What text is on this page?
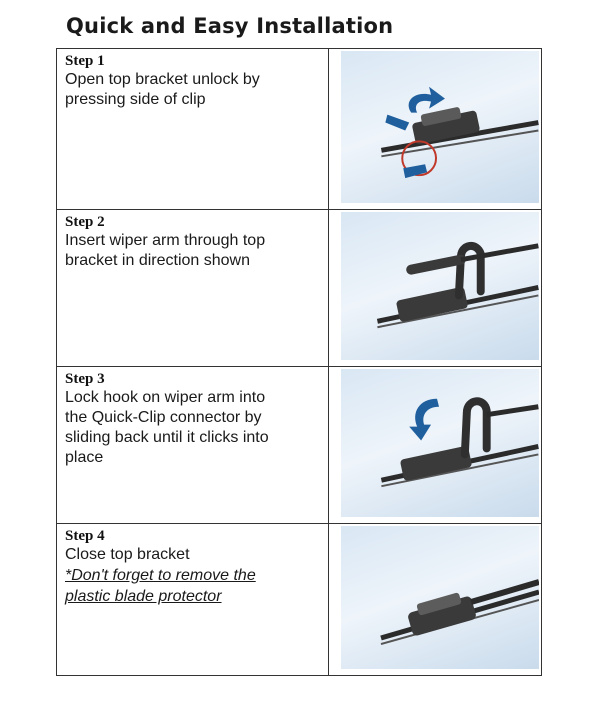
Quick and Easy Installation
Step 1
Open top bracket unlock by
pressing side of clip
Step 2
Insert wiper arm through top
bracket in direction shown
Step 3
Lock hook on wiper arm into
the Quick-Clip connector by
sliding back until it clicks into
place
Step 4
Close top bracket
*Don't forget to remove the
plastic blade protector
